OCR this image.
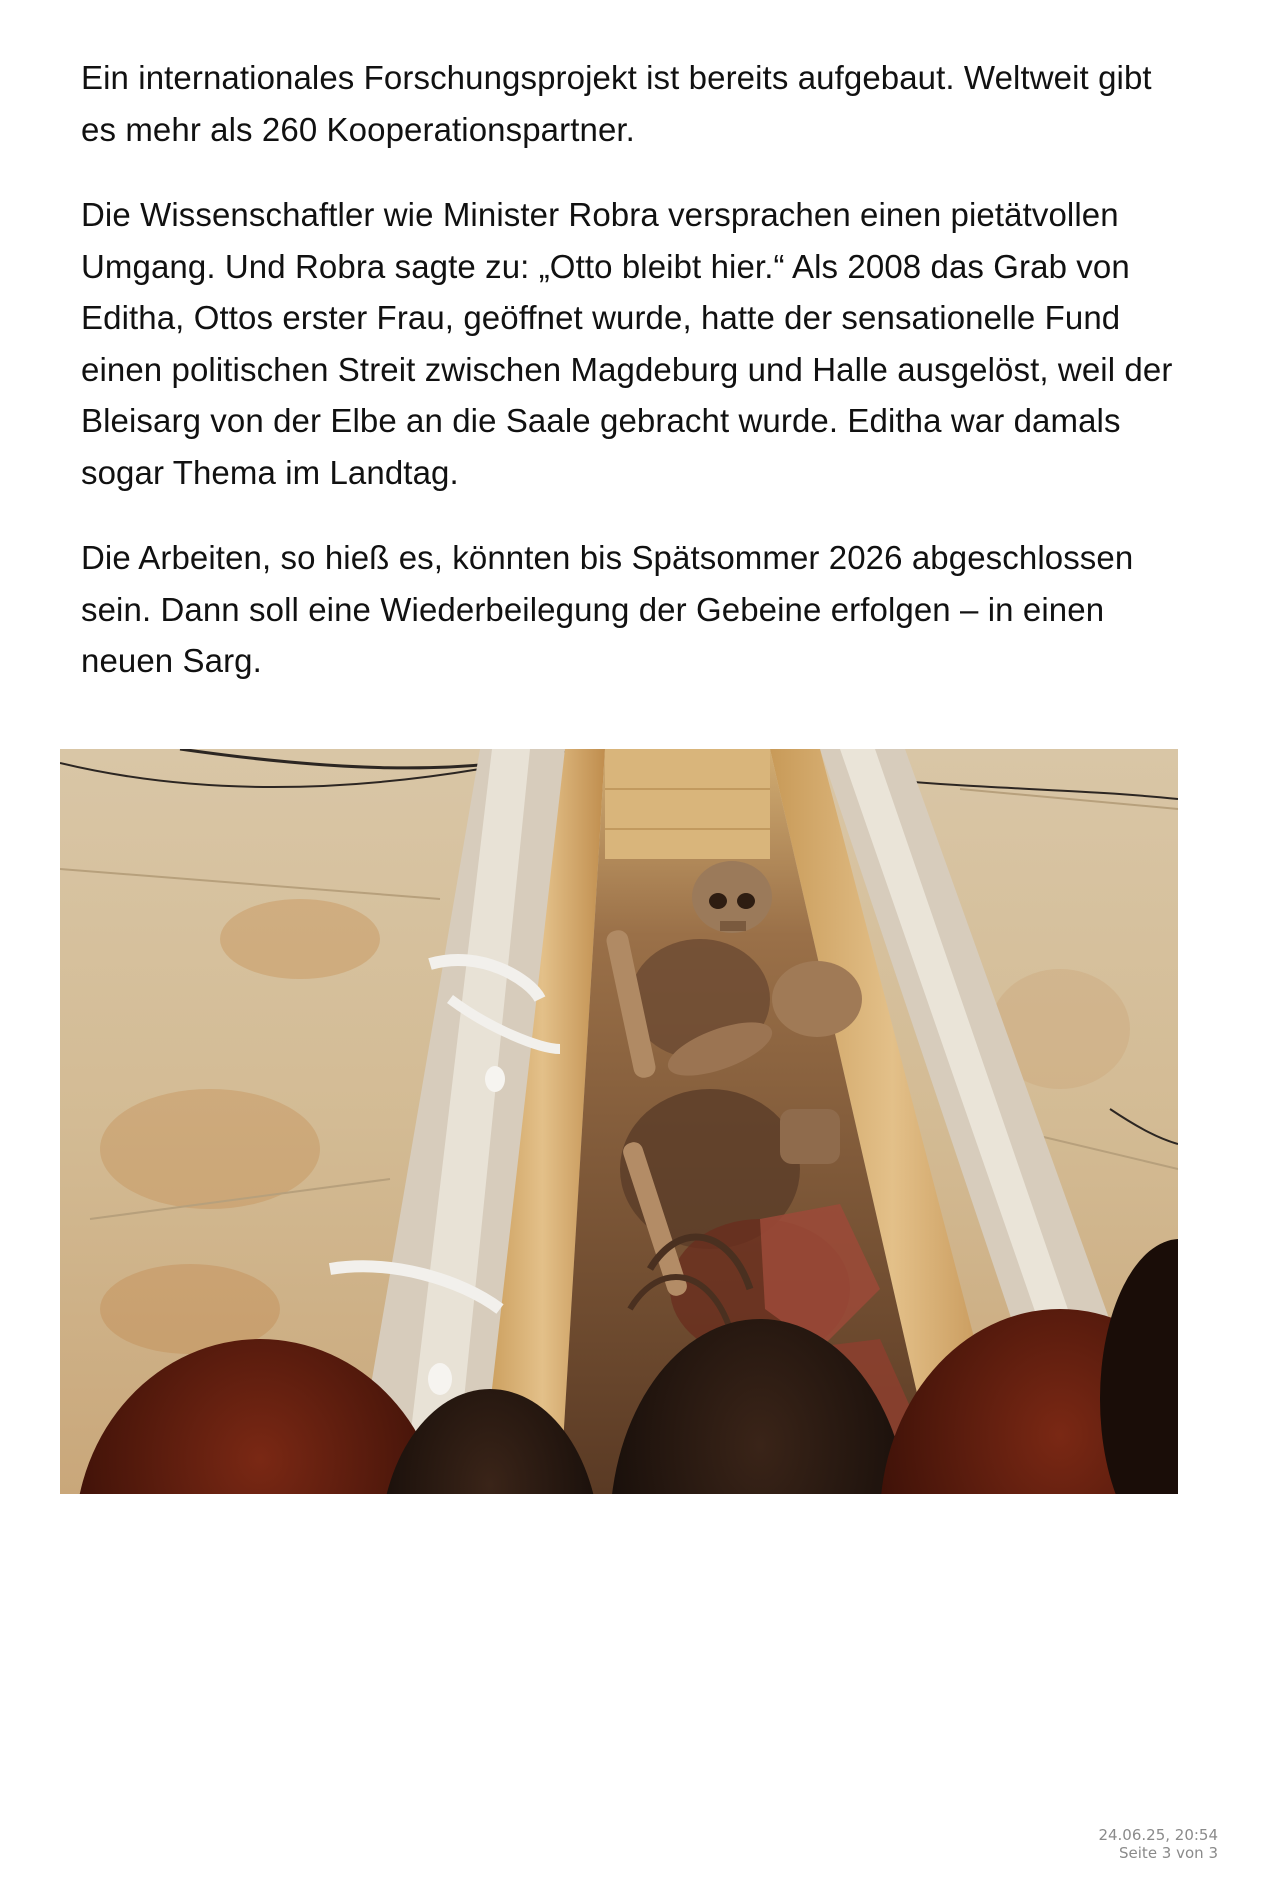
Ein internationales Forschungsprojekt ist bereits aufgebaut. Weltweit gibt es mehr als 260 Kooperationspartner.

Die Wissenschaftler wie Minister Robra versprachen einen pietätvollen Umgang. Und Robra sagte zu: „Otto bleibt hier.“ Als 2008 das Grab von Editha, Ottos erster Frau, geöffnet wurde, hatte der sensationelle Fund einen politischen Streit zwischen Magdeburg und Halle ausgelöst, weil der Bleisarg von der Elbe an die Saale gebracht wurde. Editha war damals sogar Thema im Landtag.

Die Arbeiten, so hieß es, könnten bis Spätsommer 2026 abgeschlossen sein. Dann soll eine Wiederbeilegung der Gebeine erfolgen – in einen neuen Sarg.

24.06.25, 20:54
Seite 3 von 3
